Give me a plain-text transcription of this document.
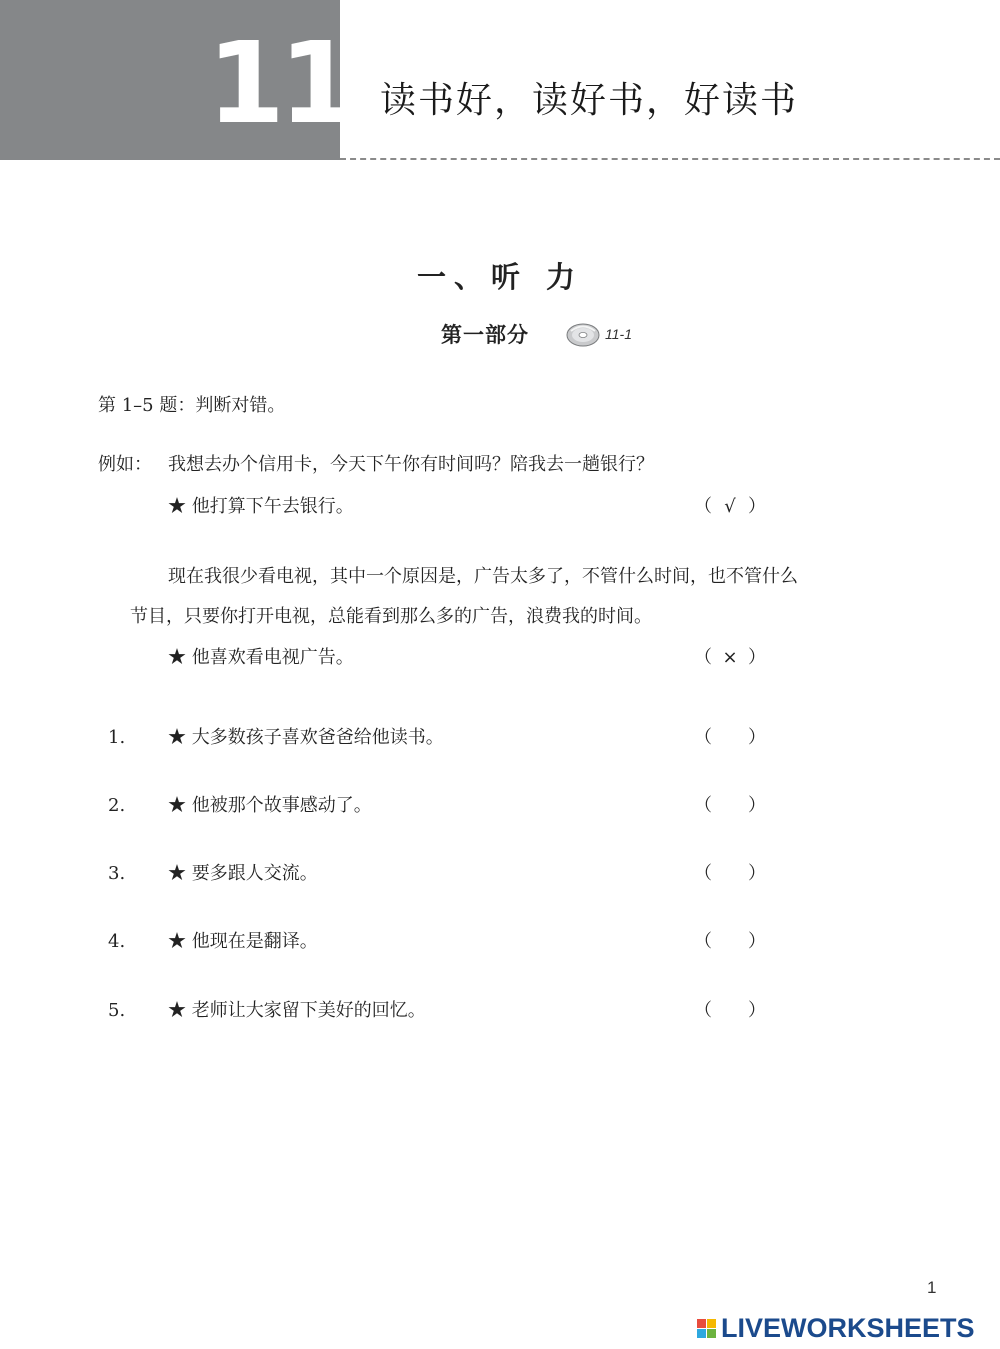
11 读书好，读好书，好读书
一、听 力
第一部分	11-1
第 1–5 题：判断对错。
例如： 我想去办个信用卡，今天下午你有时间吗？陪我去一趟银行？
★ 他打算下午去银行。	（ √ ）
现在我很少看电视，其中一个原因是，广告太多了，不管什么时间，也不管什么
节目，只要你打开电视，总能看到那么多的广告，浪费我的时间。
★ 他喜欢看电视广告。	（ × ）
1. ★ 大多数孩子喜欢爸爸给他读书。	（ ）
2. ★ 他被那个故事感动了。	（ ）
3. ★ 要多跟人交流。	（ ）
4. ★ 他现在是翻译。	（ ）
5. ★ 老师让大家留下美好的回忆。	（ ）
1
LIVEWORKSHEETS
